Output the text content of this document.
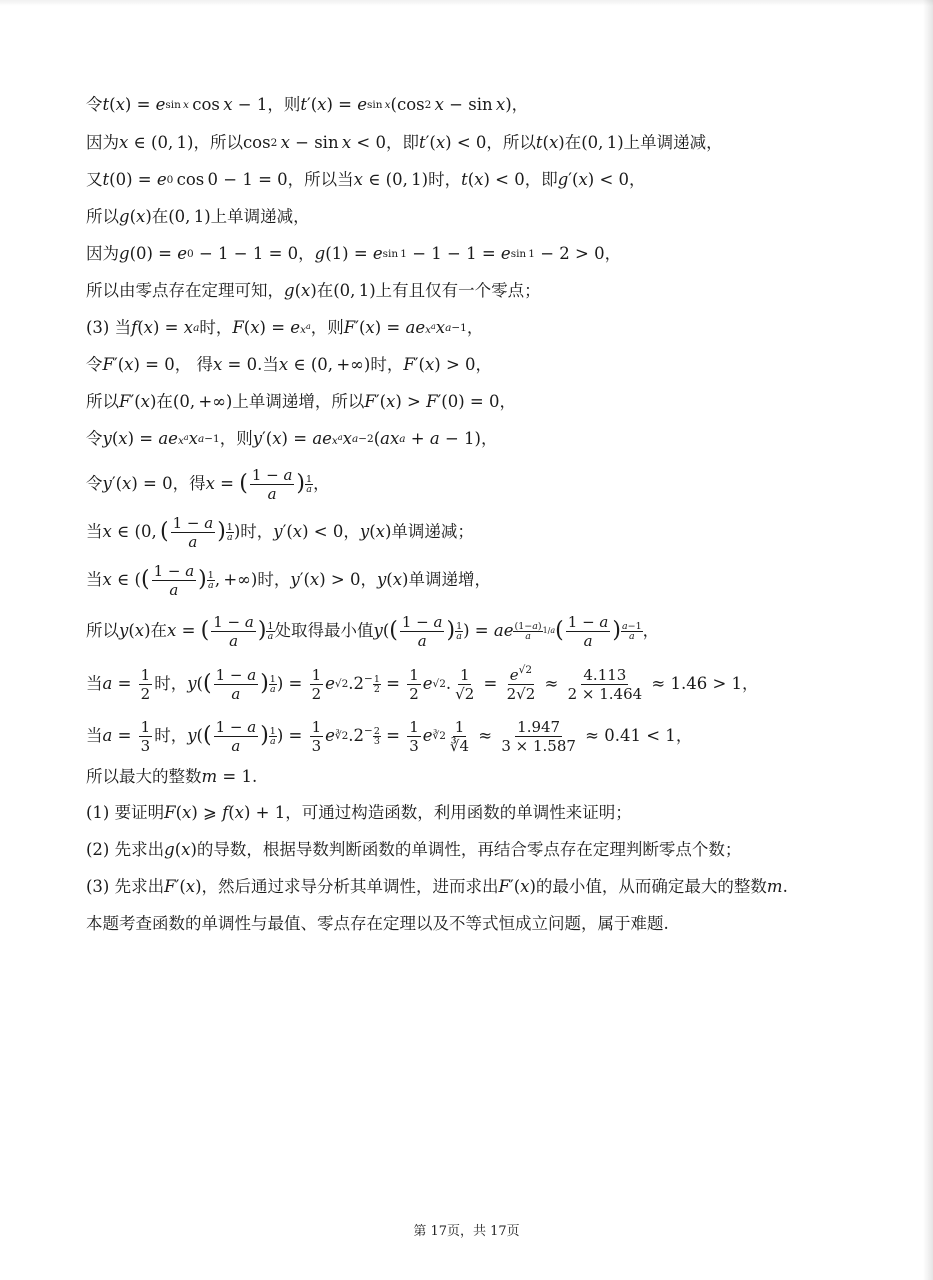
令 t ( x ) = e sin x  cos  x − 1 ，则 t ′( x ) = e sin x (cos 2
  x − sin  x ) ，
因为 x ∈ (0, 1) ，所以 cos 2
  x − sin  x < 0 ，即 t ′( x ) < 0 ，所以 t ( x ) 在 (0, 1) 上单调递减，
又 t (0) = e 0  cos 0 − 1 = 0 ，所以当 x ∈ (0, 1) 时， t ( x ) < 0 ，即 g ′( x ) < 0 ，
所以 g ( x ) 在 (0, 1) 上单调递减，
因为 g (0) = e 0 − 1 − 1 = 0 ， g (1) = e sin 1 − 1 − 1 = e sin 1 − 2 > 0 ，
所以由零点存在定理可知， g ( x ) 在 (0, 1) 上有且仅有一个零点；
(3) 当 f ( x ) = x a 时， F ( x ) = e $x^a$ ，则 F ′( x ) = ae $x^a$ x a−1 ，
令 F ′( x ) = 0 ， 得 x = 0. 当 x ∈ (0, +∞) 时， F ′( x ) > 0 ，
所以 F ′( x ) 在 (0, +∞) 上单调递增，所以 F ′( x ) > F ′(0) = 0 ，
令 y ( x ) = ae $x^a$ x a−1 ，则 y ′( x ) = ae $x^a$ x a−2 ( ax a + a − 1) ，
令 y ′( x ) = 0 ，得 x = ( $\frac{1 - a}{a}$ ) $\frac{1}{a}$ ，
当 x ∈ (0,  ( $\frac{1 - a}{a}$ ) $\frac{1}{a}$ ) 时， y ′( x ) < 0 ， y ( x ) 单调递减；
当 x ∈ ( ( $\frac{1 - a}{a}$ ) $\frac{1}{a}$ , +∞) 时， y ′( x ) > 0 ， y ( x ) 单调递增，
所以 y ( x ) 在 x = ( $\frac{1 - a}{a}$ ) $\frac{1}{a}$ 处取得最小值 y ( ( $\frac{1 - a}{a}$ ) $\frac{1}{a}$ ) = ae $\frac{(1-a)}{a} 1/a$ ( $\frac{1 - a}{a}$ ) $\frac{a-1}{a}$ ，
当 $a = \frac{1}{2}$ 时， y ( ( $\frac{1 - a}{a}$ ) $\frac{1}{a}$ ) = $\frac{1}{2}$ e √2 $.2 - \frac{1}{2} = \frac{1}{2}$ e √2 . $\frac{1}{√2} = \frac{e^{√2}}{2√2} \approx \frac{4.113}{2 \times 1.464} \approx 1.46 > 1$ ，
当 $a = \frac{1}{3}$ 时， y ( ( $\frac{1 - a}{a}$ ) $\frac{1}{a}$ ) = $\frac{1}{3}$ e ∛2 $.2 - \frac{2}{3} = \frac{1}{3}$ e ∛2 $\frac{1}{∛4} \approx \frac{1.947}{3 \times 1.587} \approx 0.41 < 1$ ，
所以最大的整数 m = 1.
(1) 要证明 F ( x ) ⩾ f ( x ) + 1 ，可通过构造函数，利用函数的单调性来证明；
(2) 先求出 g ( x ) 的导数，根据导数判断函数的单调性，再结合零点存在定理判断零点个数；
(3) 先求出 F ′( x ) ，然后通过求导分析其单调性，进而求出 F ′( x ) 的最小值，从而确定最大的整数 m .
本题考查函数的单调性与最值、零点存在定理以及不等式恒成立问题，属于难题.
第 17页，共 17页
